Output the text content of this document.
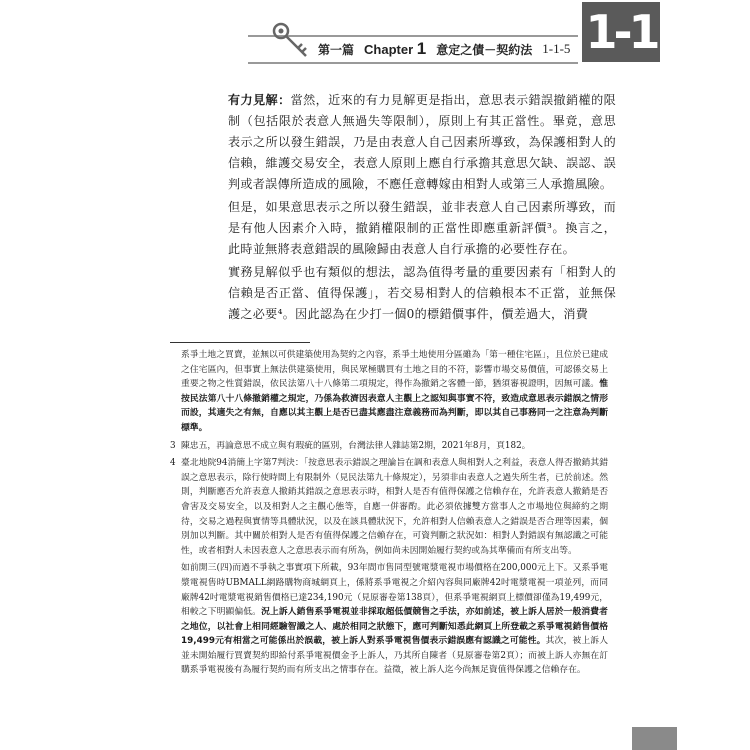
第一篇 Chapter 1 意定之債－契約法 1-1-5 1-1

有力見解：當然，近來的有力見解更是指出，意思表示錯誤撤銷權的限制（包括限於表意人無過失等限制），原則上有其正當性。畢竟，意思表示之所以發生錯誤，乃是由表意人自己因素所導致，為保護相對人的信賴，維護交易安全，表意人原則上應自行承擔其意思欠缺、誤認、誤判或者誤傳所造成的風險，不應任意轉嫁由相對人或第三人承擔風險。

但是，如果意思表示之所以發生錯誤，並非表意人自己因素所導致，而是有他人因素介入時，撤銷權限制的正當性即應重新評價³。換言之，此時並無將表意錯誤的風險歸由表意人自行承擔的必要性存在。

實務見解似乎也有類似的想法，認為值得考量的重要因素有「相對人的信賴是否正當、值得保護」，若交易相對人的信賴根本不正當，並無保護之必要⁴。因此認為在少打一個0的標錯價事件，價差過大，消費

系爭土地之買賣，並無以可供建築使用為契約之內容，系爭土地使用分區雖為「第一種住宅區」，且位於已建成之住宅區內，但事實上無法供建築使用，與民眾極購買有土地之目的不符，影響市場交易價值，可認係交易上重要之物之性質錯誤，依民法第八十八條第二項規定，得作為撤銷之客體一節，猶須審視證明，因無可議。惟按民法第八十八條撤銷權之規定，乃係為救濟因表意人主觀上之認知與事實不符，致造成意思表示錯誤之情形而設，其適失之有無，自應以其主觀上是否已盡其應盡注意義務而為判斷，即以其自己事務同一之注意為判斷標準。
3 陳忠五，再論意思不成立與有瑕疵的區別，台灣法律人雜誌第2期，2021年8月，頁182。
4 臺北地院94消簡上字第7判決：「按意思表示錯誤之理論旨在調和表意人與相對人之利益，表意人得否撤銷其錯誤之意思表示，除行使時間上有限制外（見民法第九十條規定），另須非由表意人之過失所生者，已於前述。然則，判斷應否允許表意人撤銷其錯誤之意思表示時，相對人是否有值得保護之信賴存在，允許表意人撤銷是否會害及交易安全，以及相對人之主觀心態等，自應一併審酌。此必須依據雙方當事人之市場地位與締約之期待，交易之過程與實情等具體狀況，以及在該具體狀況下，允許相對人信賴表意人之錯誤是否合理等因素，個別加以判斷。其中關於相對人是否有值得保護之信賴存在，可資判斷之狀況如：相對人對錯誤有無認識之可能性，或者相對人未因表意人之意思表示而有所為，例如尚未因開始履行契約或為其準備而有所支出等。
如前開三(四)而過不爭執之事實項下所載，93年間市售同型號電漿電視市場價格在200,000元上下。又系爭電漿電視售時UBMALL網路購物商城網頁上，係將系爭電視之介紹內容與同廠牌42吋電漿電視一項並列，而同廠牌42吋電漿電視銷售價格已達234,190元（見原審卷第138頁），但系爭電視網頁上標價卻僅為19,499元，相較之下明顯偏低。況上訴人銷售系爭電視並非採取超低價競售之手法，亦如前述，被上訴人居於一般消費者之地位，以社會上相同經驗智識之人、處於相同之狀態下，應可判斷知悉此網頁上所登載之系爭電視銷售價格19,499元有相當之可能係出於誤載，被上訴人對系爭電視售價表示錯誤應有認識之可能性。其次，被上訴人並未開始履行買賣契約即給付系爭電視價金予上訴人，乃其所自陳者（見原審卷第2頁）；而被上訴人亦無在訂購系爭電視後有為履行契約而有所支出之情事存在。益徵，被上訴人迄今尚無足資值得保護之信賴存在。
